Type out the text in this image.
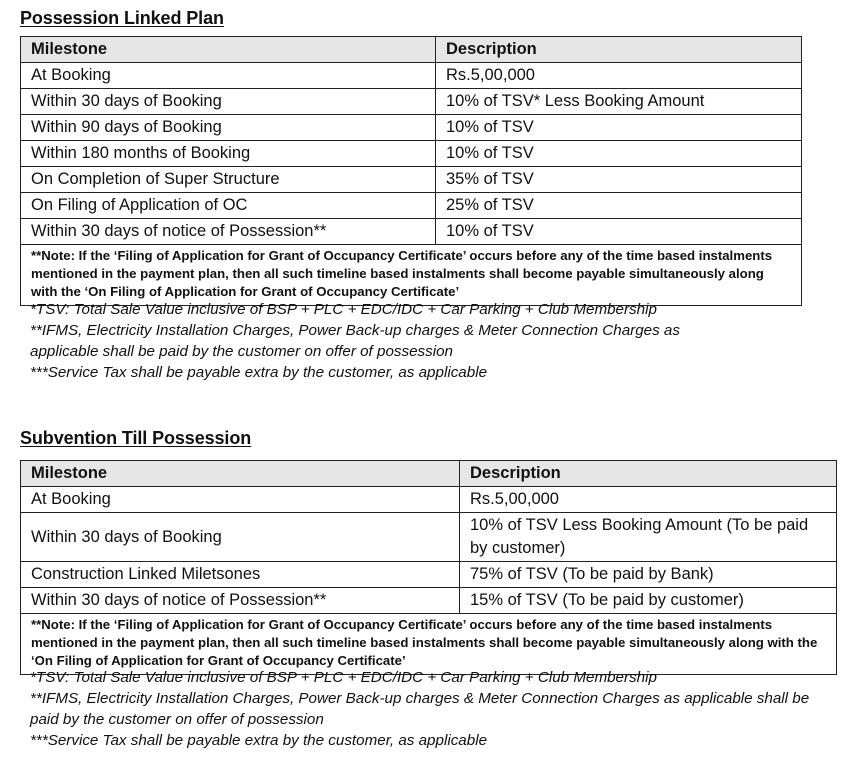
Possession Linked Plan
Milestone	Description
At Booking	Rs.5,00,000
Within 30 days of Booking	10% of TSV* Less Booking Amount
Within 90 days of Booking	10% of TSV
Within 180 months of Booking	10% of TSV
On Completion of Super Structure	35% of TSV
On Filing of Application of OC	25% of TSV
Within 30 days of notice of Possession**	10% of TSV
**Note: If the ‘Filing of Application for Grant of Occupancy Certificate’ occurs before any of the time based instalments mentioned in the payment plan, then all such timeline based instalments shall become payable simultaneously along with the ‘On Filing of Application for Grant of Occupancy Certificate’	

*TSV: Total Sale Value inclusive of BSP + PLC + EDC/IDC + Car Parking + Club Membership

**IFMS, Electricity Installation Charges, Power Back-up charges & Meter Connection Charges as applicable shall be paid by the customer on offer of possession

***Service Tax shall be payable extra by the customer, as applicable

Subvention Till Possession
Milestone	Description
At Booking	Rs.5,00,000
Within 30 days of Booking	10% of TSV Less Booking Amount (To be paid by customer)
Construction Linked Miletsones	75% of TSV (To be paid by Bank)
Within 30 days of notice of Possession**	15% of TSV (To be paid by customer)
**Note: If the ‘Filing of Application for Grant of Occupancy Certificate’ occurs before any of the time based instalments mentioned in the payment plan, then all such timeline based instalments shall become payable simultaneously along with the ‘On Filing of Application for Grant of Occupancy Certificate’	

*TSV: Total Sale Value inclusive of BSP + PLC + EDC/IDC + Car Parking + Club Membership

**IFMS, Electricity Installation Charges, Power Back-up charges & Meter Connection Charges as applicable shall be paid by the customer on offer of possession

***Service Tax shall be payable extra by the customer, as applicable
